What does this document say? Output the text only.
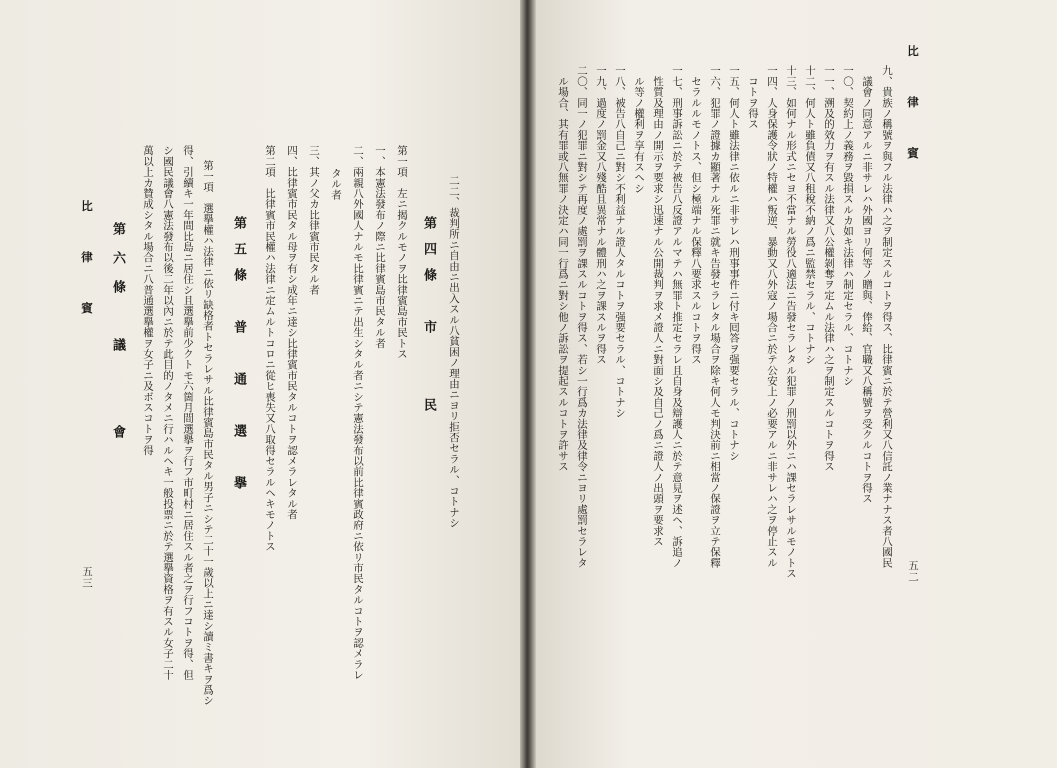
比　律　賓
五三
二二、裁判所ニ自由ニ出入スル八貧困ノ理由ニヨリ拒否セラル、コトナシ
第四條　市　　民
第一項　左ニ揭クルモノヲ比律賓島市民トス
一、本憲法發布ノ際ニ比律賓島市民タル者
二、兩親八外國人ナルモ比律賓ニテ出生シタル者ニシテ憲法發布以前比律賓政府ニ依リ市民タルコトヲ認メラレ
　タル者
三、其ノ父カ比律賓市民タル者
四、比律賓市民タル母ヲ有シ成年ニ達シ比律賓市民タルコトヲ認メラレタル者
第二項　比律賓市民權ハ法律ニ定ムルトコロニ從ヒ喪失又八取得セラルヘキモノトス
第五條　普　通　選　擧
第一項　選擧權ハ法律ニ依リ缺格者トセラレサル比律賓島市民タル男子ニシテ二十一歲以上ニ達シ讀ミ書キヲ爲シ
得、引續キ一年間比島ニ居住シ且選擧前少クトモ六箇月間選擧ヲ行フ市町村ニ居住スル者之ヲ行フコトヲ得、但
シ國民議會八憲法發布以後二年以內ニ於テ此目的ノタメニ行ハルヘキ一般投票ニ於テ選擧資格ヲ有スル女子二十
萬以上カ贊成シタル場合ニ八普通選擧權ヲ女子ニ及ボスコトヲ得
第六條　議　　會
比　律　賓
五二
九、貴族ノ稱號ヲ與フル法律ハ之ヲ制定スルコトヲ得ス、比律賓ニ於テ營利又八信託ノ業ナナス者八國民
　議會ノ同意アルニ非サレハ外國ヨリ何等ノ贈與、俸給、官職又八稱號ヲ受クルコトヲ得ス
一〇、契約上ノ義務ヲ毀損スルカ如キ法律ハ制定セラル、コトナシ
一一、溯及的效力ヲ有スル法律又八公權剝奪ヲ定ムル法律ハ之ヲ制定スルコトヲ得ス
十二、何人ト雖負債又八租稅不納ノ爲ニ監禁セラル、コトナシ
十三、如何ナル形式ニセヨ不當ナル勞役八適法ニ告發セラレタル犯罪ノ刑罰以外ニハ課セラレサルモノトス
一四、人身保護令狀ノ特權ハ叛逆、暴動又八外寇ノ場合ニ於テ公安上ノ必要アルニ非サレハ之ヲ停止スル
　コトヲ得ス
一五、何人ト雖法律ニ依ルニ非サレハ刑事事件ニ付キ囘答ヲ强要セラル、コトナシ
一六、犯罪ノ證據カ顯著ナル死罪ニ就キ告發セラレタル場合ヲ除キ何人モ判決前ニ相當ノ保證ヲ立テ保釋
　セラルルモノトス、但シ極端ナル保釋八要求スルコトヲ得ス
一七、刑事訴訟ニ於テ被告八反證アルマテハ無罪ト推定セラレ且自身及辯護人ニ於テ意見ヲ述ヘ、訴追ノ
　性質及理由ノ開示ヲ要求シ迅速ナル公開裁判ヲ求メ證人ニ對面シ及自己ノ爲ニ證人ノ出頭ヲ要求ス
　ル等ノ權利ヲ享有スヘシ
一八、被告八自己ニ對シ不利益ナル證人タルコトヲ强要セラル、コトナシ
一九、過度ノ罰金又八殘酷且異常ナル體刑ハ之ヲ課スルヲ得ス
二〇、同一ノ犯罪ニ對シテ再度ノ處罰ヲ課スルコトヲ得ス、若シ一行爲カ法律及律令ニヨリ處罰セラレタ
　ル場合、其有罪或八無罪ノ決定ハ同一行爲ニ對シ他ノ訴訟ヲ提起スルコトヲ許サス
